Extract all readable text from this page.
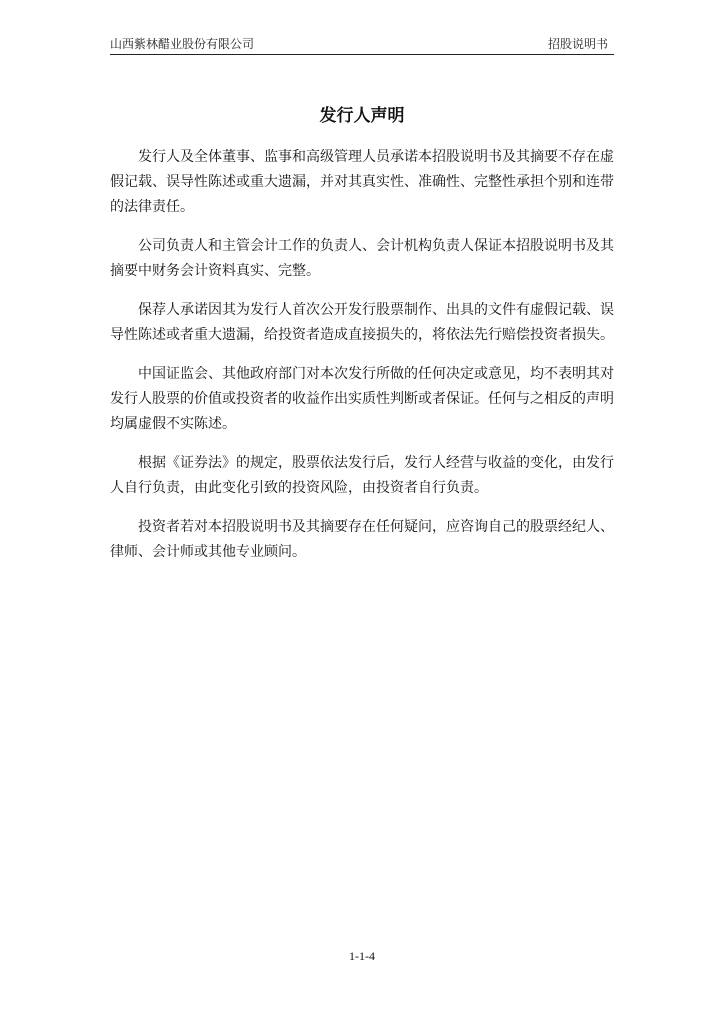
山西紫林醋业股份有限公司	招股说明书
发行人声明

发行人及全体董事、监事和高级管理人员承诺本招股说明书及其摘要不存在虚假记载、误导性陈述或重大遗漏，并对其真实性、准确性、完整性承担个别和连带的法律责任。

公司负责人和主管会计工作的负责人、会计机构负责人保证本招股说明书及其摘要中财务会计资料真实、完整。

保荐人承诺因其为发行人首次公开发行股票制作、出具的文件有虚假记载、误导性陈述或者重大遗漏，给投资者造成直接损失的，将依法先行赔偿投资者损失。

中国证监会、其他政府部门对本次发行所做的任何决定或意见，均不表明其对发行人股票的价值或投资者的收益作出实质性判断或者保证。任何与之相反的声明均属虚假不实陈述。

根据《证券法》的规定，股票依法发行后，发行人经营与收益的变化，由发行人自行负责，由此变化引致的投资风险，由投资者自行负责。

投资者若对本招股说明书及其摘要存在任何疑问，应咨询自己的股票经纪人、律师、会计师或其他专业顾问。

1-1-4
